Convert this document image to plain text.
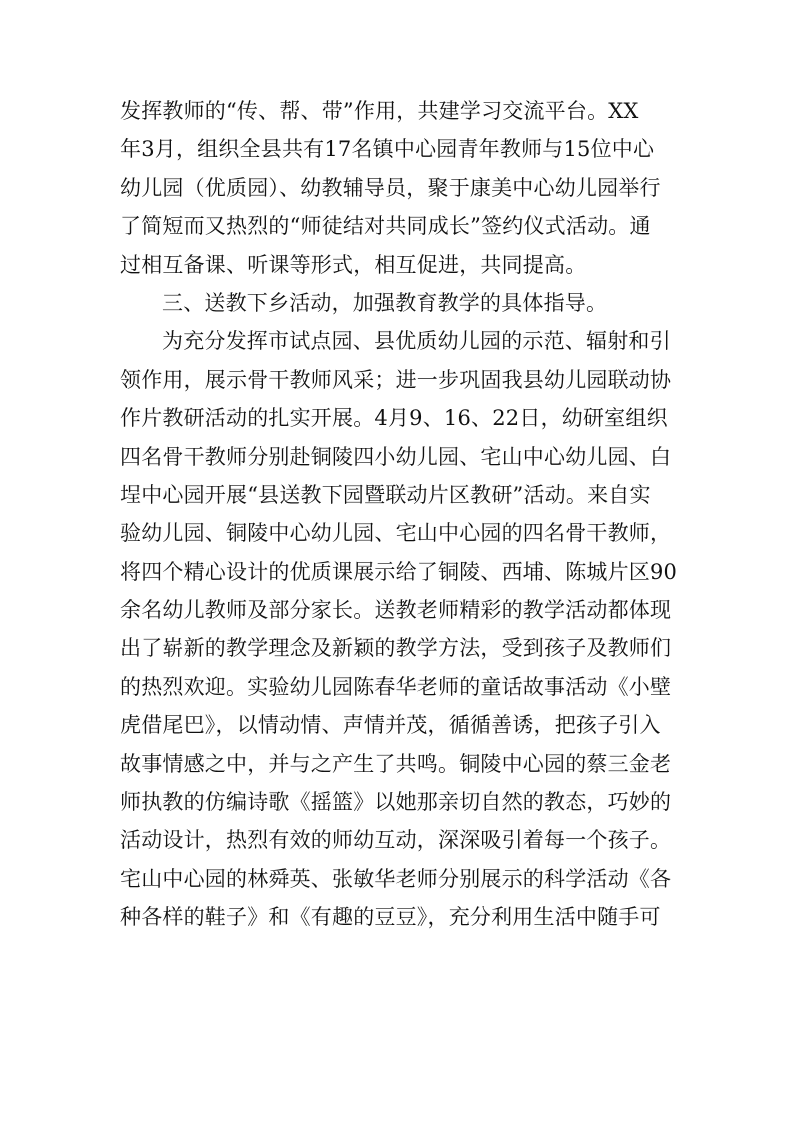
发挥教师的“传、帮、带”作用，共建学习交流平台。XX
年3月，组织全县共有17名镇中心园青年教师与15位中心
幼儿园（优质园）、幼教辅导员，聚于康美中心幼儿园举行
了简短而又热烈的“师徒结对共同成长”签约仪式活动。通
过相互备课、听课等形式，相互促进，共同提高。
三、送教下乡活动，加强教育教学的具体指导。
为充分发挥市试点园、县优质幼儿园的示范、辐射和引
领作用，展示骨干教师风采；进一步巩固我县幼儿园联动协
作片教研活动的扎实开展。4月9、16、22日，幼研室组织
四名骨干教师分别赴铜陵四小幼儿园、宅山中心幼儿园、白
埕中心园开展“县送教下园暨联动片区教研”活动。来自实
验幼儿园、铜陵中心幼儿园、宅山中心园的四名骨干教师，
将四个精心设计的优质课展示给了铜陵、西埔、陈城片区90
余名幼儿教师及部分家长。送教老师精彩的教学活动都体现
出了崭新的教学理念及新颖的教学方法，受到孩子及教师们
的热烈欢迎。实验幼儿园陈春华老师的童话故事活动《小壁
虎借尾巴》，以情动情、声情并茂，循循善诱，把孩子引入
故事情感之中，并与之产生了共鸣。铜陵中心园的蔡三金老
师执教的仿编诗歌《摇篮》以她那亲切自然的教态，巧妙的
活动设计，热烈有效的师幼互动，深深吸引着每一个孩子。
宅山中心园的林舜英、张敏华老师分别展示的科学活动《各
种各样的鞋子》和《有趣的豆豆》，充分利用生活中随手可
